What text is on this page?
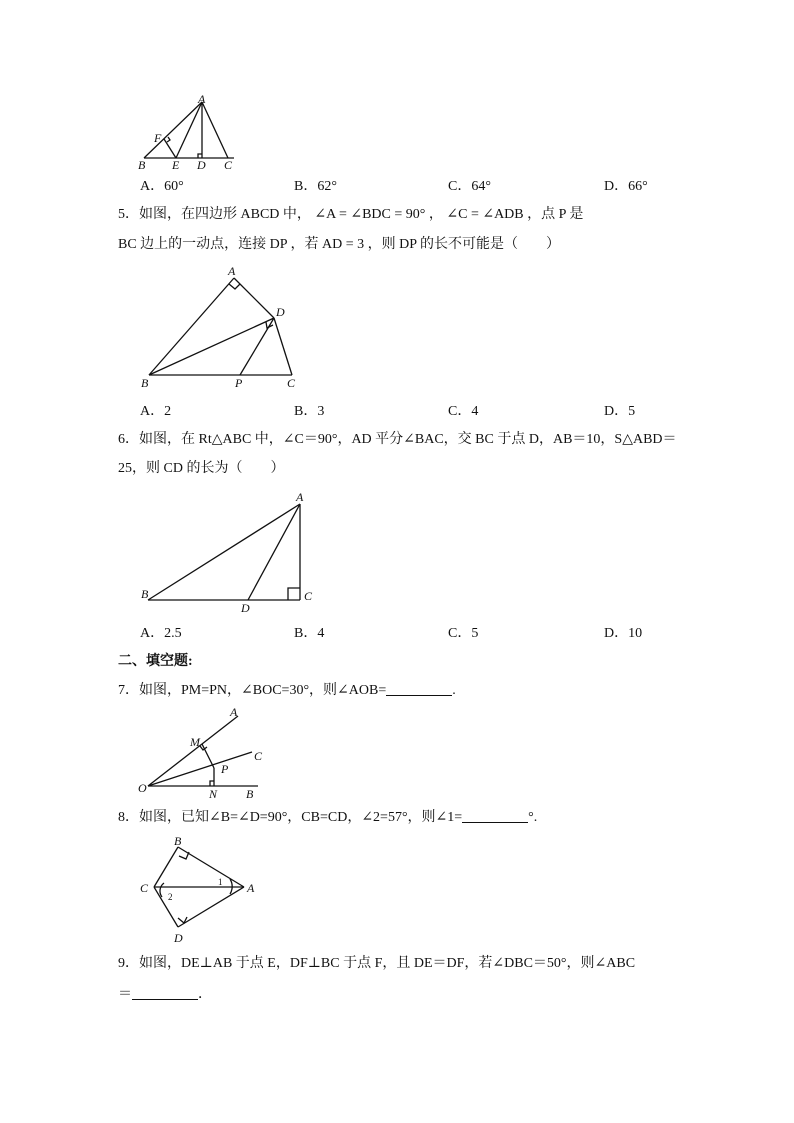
A
B
F
E D C
A．60°	B．62°	C．64°	D．66°
5．如图，在四边形 ABCD 中， ∠A = ∠BDC = 90° ， ∠C = ∠ADB ，点 P 是
BC 边上的一动点，连接 DP ，若 AD = 3 ，则 DP 的长不可能是（　　）
A
B
D
P	C
A．2	B．3	C．4	D．5
6．如图，在 Rt△ABC 中，∠C＝90°，AD 平分∠BAC，交 BC 于点 D，AB＝10，S△ABD＝
25，则 CD 的长为（　　）
A
B
D
C
A．2.5	B．4	C．5	D．10
二、填空题:
7．如图，PM=PN，∠BOC=30°，则∠AOB=	.
A
M
C
P
O	N B
8．如图，已知∠B=∠D=90°，CB=CD，∠2=57°，则∠1=	°.
B
C	A
D
1
2
9．如图，DE⊥AB 于点 E，DF⊥BC 于点 F，且 DE＝DF，若∠DBC＝50°，则∠ABC
＝	．
